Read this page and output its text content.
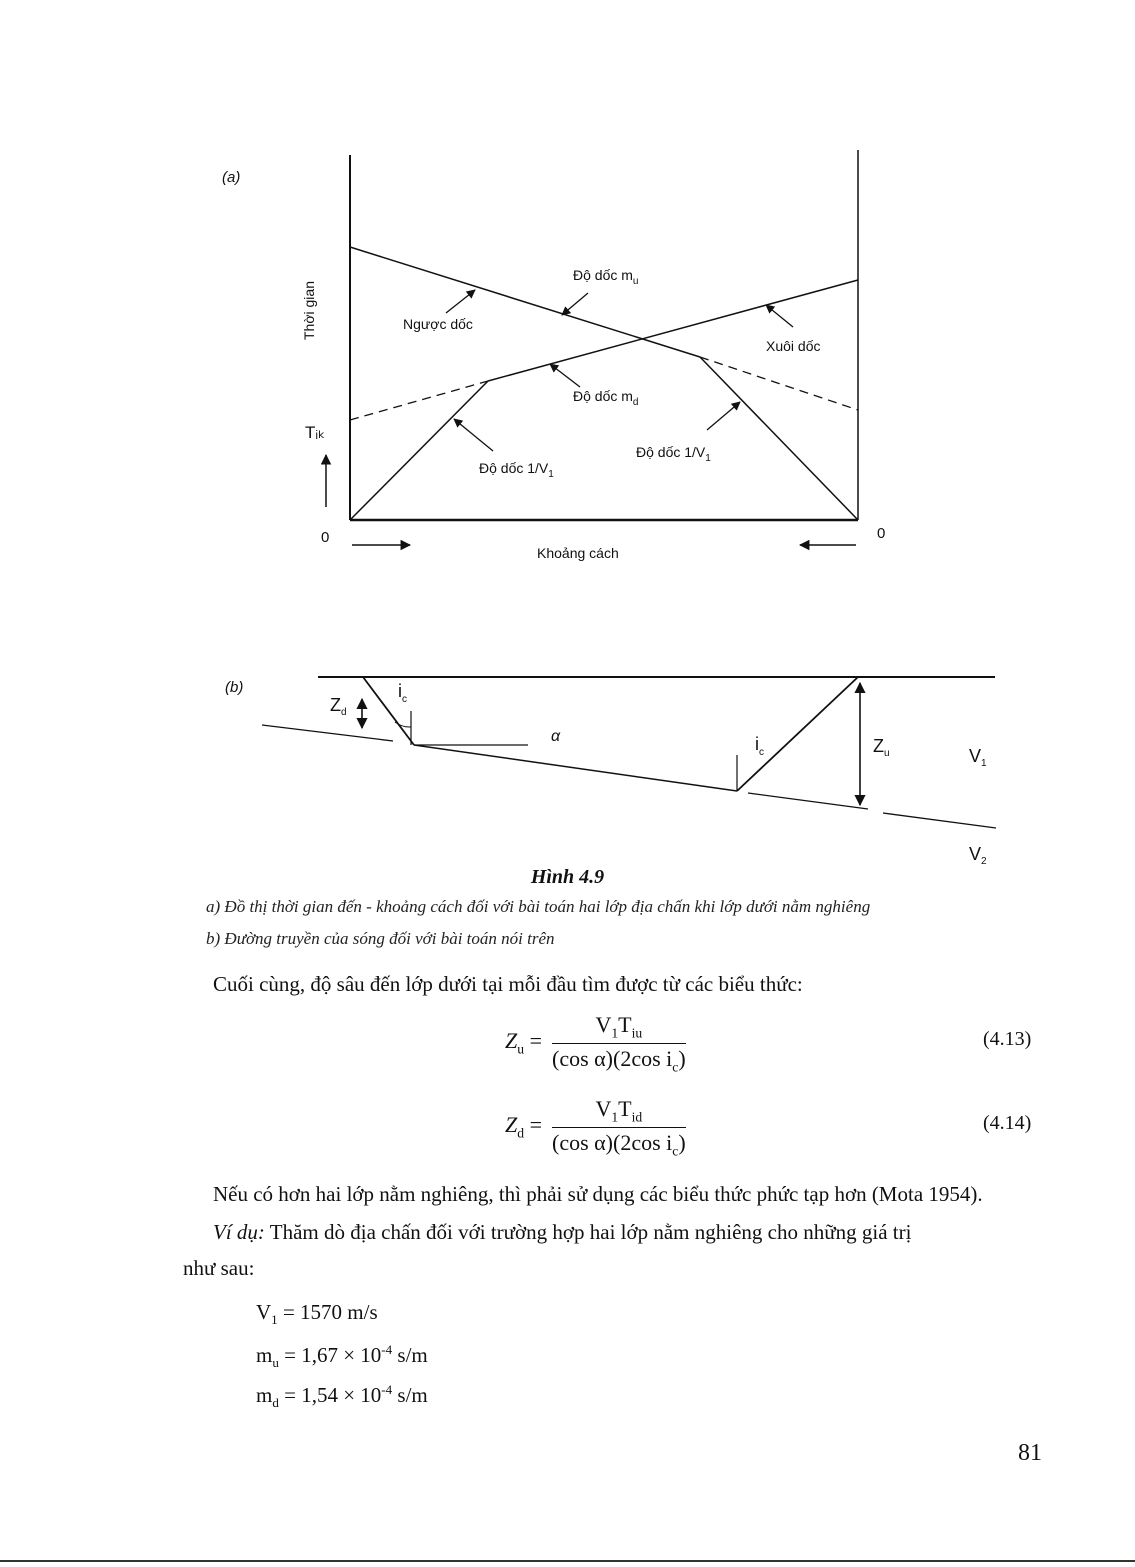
(a)
Thời gian
Tᵢₖ
0	0
Khoảng cách
Độ dốc $m_u$
Ngược dốc
Xuôi dốc
Độ dốc $m_d$
Độ dốc $1/V_1$
Độ dốc $1/V_1$
(b)
$Z_d$
$i_c$
α	$i_c$	$Z_u$	$V_1$
$V_2$
Hình 4.9
a) Đồ thị thời gian đến - khoảng cách đối với bài toán hai lớp địa chấn khi lớp dưới nằm nghiêng
b) Đường truyền của sóng đối với bài toán nói trên
Cuối cùng, độ sâu đến lớp dưới tại mỗi đầu tìm được từ các biểu thức:
$Z_u$ =
$V_1T_{iu}$
(cos α)(2cos $i_c$)
(4.13)
$Z_d$ =
$V_1T_{id}$
(cos α)(2cos $i_c$)
(4.14)
Nếu có hơn hai lớp nằm nghiêng, thì phải sử dụng các biểu thức phức tạp hơn (Mota 1954).
Ví dụ: Thăm dò địa chấn đối với trường hợp hai lớp nằm nghiêng cho những giá trị
như sau:
$V_1 = 1570$ m/s
$m_u = 1,67 \times 10^{-4}$ s/m
$m_d = 1,54 \times 10^{-4}$ s/m
81
